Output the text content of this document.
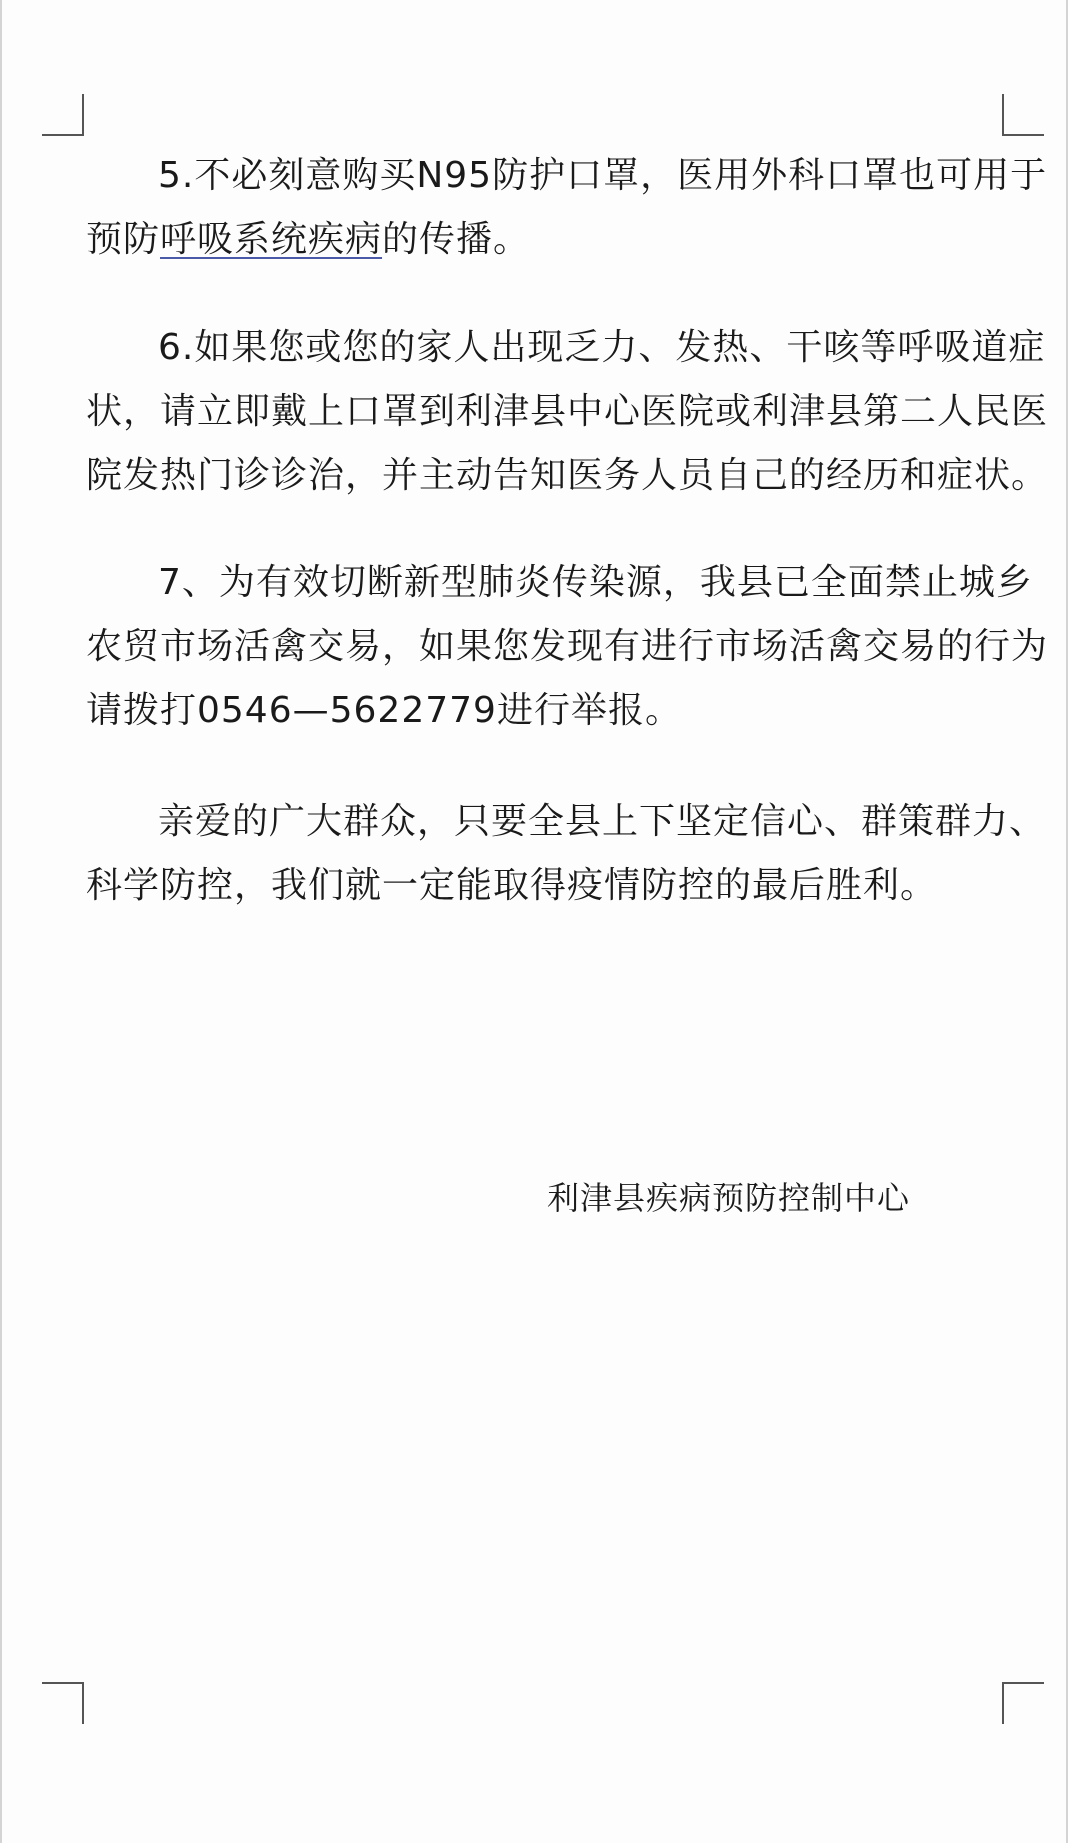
5.不必刻意购买N95防护口罩，医用外科口罩也可用于
预防呼吸系统疾病的传播。
6.如果您或您的家人出现乏力、发热、干咳等呼吸道症
状，请立即戴上口罩到利津县中心医院或利津县第二人民医
院发热门诊诊治，并主动告知医务人员自己的经历和症状。
7、为有效切断新型肺炎传染源，我县已全面禁止城乡
农贸市场活禽交易，如果您发现有进行市场活禽交易的行为
请拨打0546—5622779进行举报。
亲爱的广大群众，只要全县上下坚定信心、群策群力、
科学防控，我们就一定能取得疫情防控的最后胜利。
利津县疾病预防控制中心
